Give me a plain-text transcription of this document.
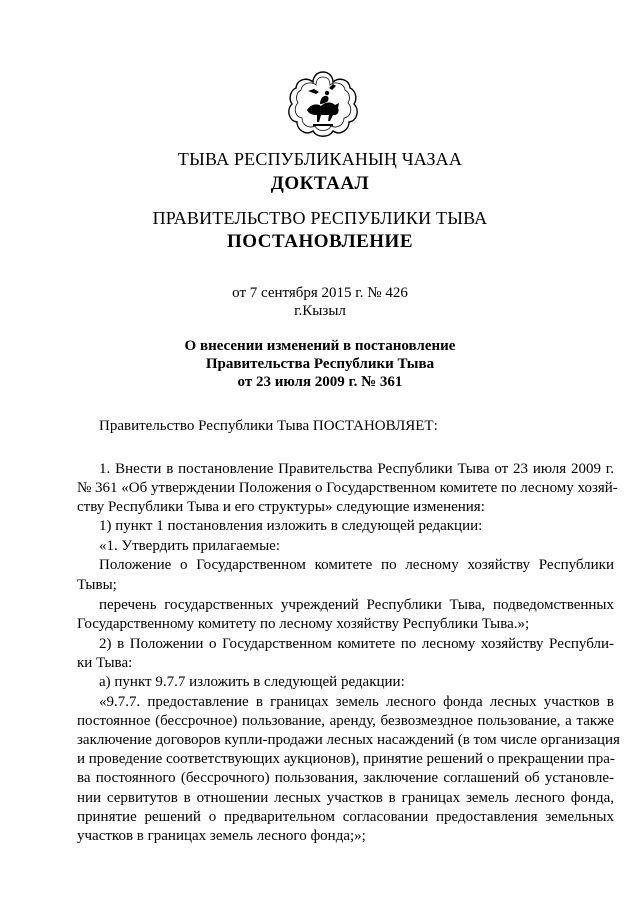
ТЫВА РЕСПУБЛИКАНЫҢ ЧАЗАА
ДОКТААЛ
ПРАВИТЕЛЬСТВО РЕСПУБЛИКИ ТЫВА
ПОСТАНОВЛЕНИЕ
от 7 сентября 2015 г. № 426
г.Кызыл
О внесении изменений в постановление
Правительства Республики Тыва
от 23 июля 2009 г. № 361
Правительство Республики Тыва ПОСТАНОВЛЯЕТ:
1. Внести в постановление Правительства Республики Тыва от 23 июля 2009 г.
№ 361 «Об утверждении Положения о Государственном комитете по лесному хозяй-
ству Республики Тыва и его структуры» следующие изменения:
1) пункт 1 постановления изложить в следующей редакции:
«1. Утвердить прилагаемые:
Положение о Государственном комитете по лесному хозяйству Республики
Тывы;
перечень государственных учреждений Республики Тыва, подведомственных
Государственному комитету по лесному хозяйству Республики Тыва.»;
2) в Положении о Государственном комитете по лесному хозяйству Республи-
ки Тыва:
а) пункт 9.7.7 изложить в следующей редакции:
«9.7.7. предоставление в границах земель лесного фонда лесных участков в
постоянное (бессрочное) пользование, аренду, безвозмездное пользование, а также
заключение договоров купли-продажи лесных насаждений (в том числе организация
и проведение соответствующих аукционов), принятие решений о прекращении пра-
ва постоянного (бессрочного) пользования, заключение соглашений об установле-
нии сервитутов в отношении лесных участков в границах земель лесного фонда,
принятие решений о предварительном согласовании предоставления земельных
участков в границах земель лесного фонда;»;
